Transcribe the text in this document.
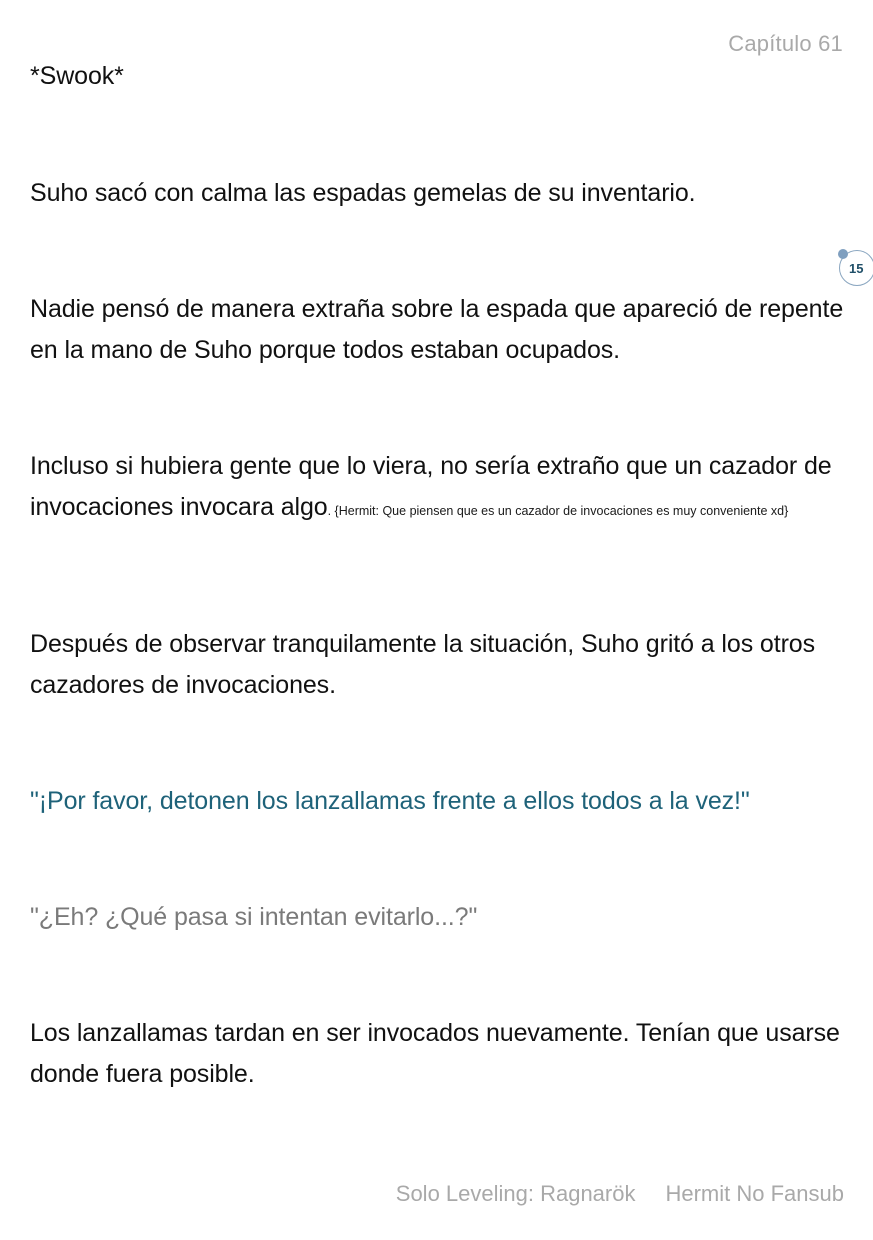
Capítulo 61

*Swook*

Suho sacó con calma las espadas gemelas de su inventario.

15

Nadie pensó de manera extraña sobre la espada que apareció de repente en la mano de Suho porque todos estaban ocupados.

Incluso si hubiera gente que lo viera, no sería extraño que un cazador de invocaciones invocara algo. {Hermit: Que piensen que es un cazador de invocaciones es muy conveniente xd}

Después de observar tranquilamente la situación, Suho gritó a los otros cazadores de invocaciones.

"¡Por favor, detonen los lanzallamas frente a ellos todos a la vez!"

"¿Eh? ¿Qué pasa si intentan evitarlo...?"

Los lanzallamas tardan en ser invocados nuevamente. Tenían que usarse donde fuera posible.

Solo Leveling: Ragnarök Hermit No Fansub
